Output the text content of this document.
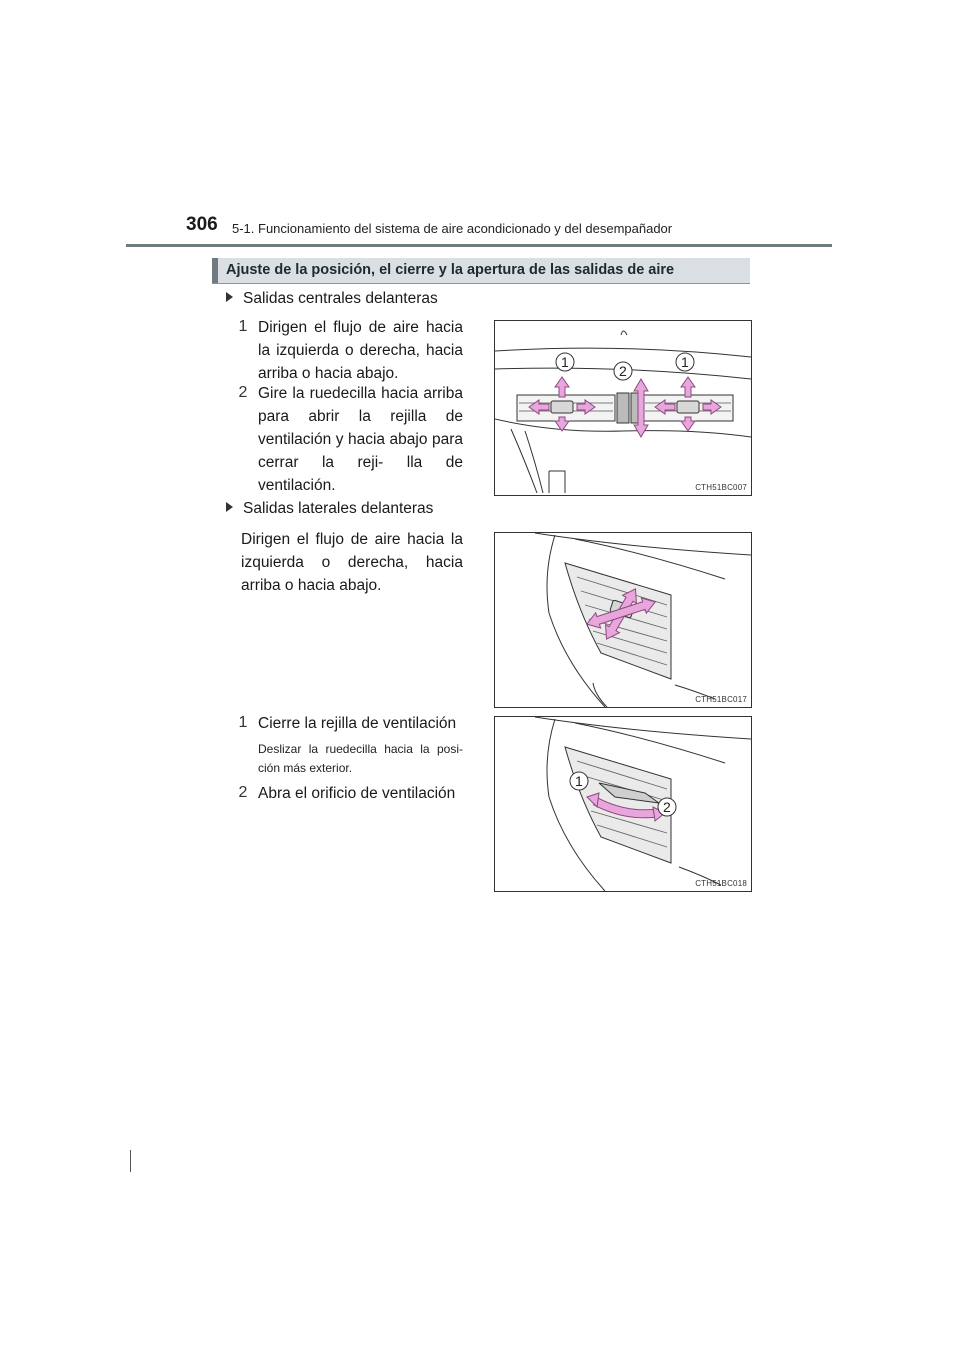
306 5-1. Funcionamiento del sistema de aire acondicionado y del desempañador
Ajuste de la posición, el cierre y la apertura de las salidas de aire
Salidas centrales delanteras
1 Dirigen el flujo de aire hacia la izquierda o derecha, hacia arriba o hacia abajo.
2 Gire la ruedecilla hacia arriba para abrir la rejilla de ventilación y hacia abajo para cerrar la reji- lla de ventilación.
1
2
1
CTH51BC007
Salidas laterales delanteras
Dirigen el flujo de aire hacia la izquierda o derecha, hacia arriba o hacia abajo.
CTH51BC017
1 Cierre la rejilla de ventilación
Deslizar la ruedecilla hacia la posi- ción más exterior.
2 Abra el orificio de ventilación
1
2
CTH51BC018
